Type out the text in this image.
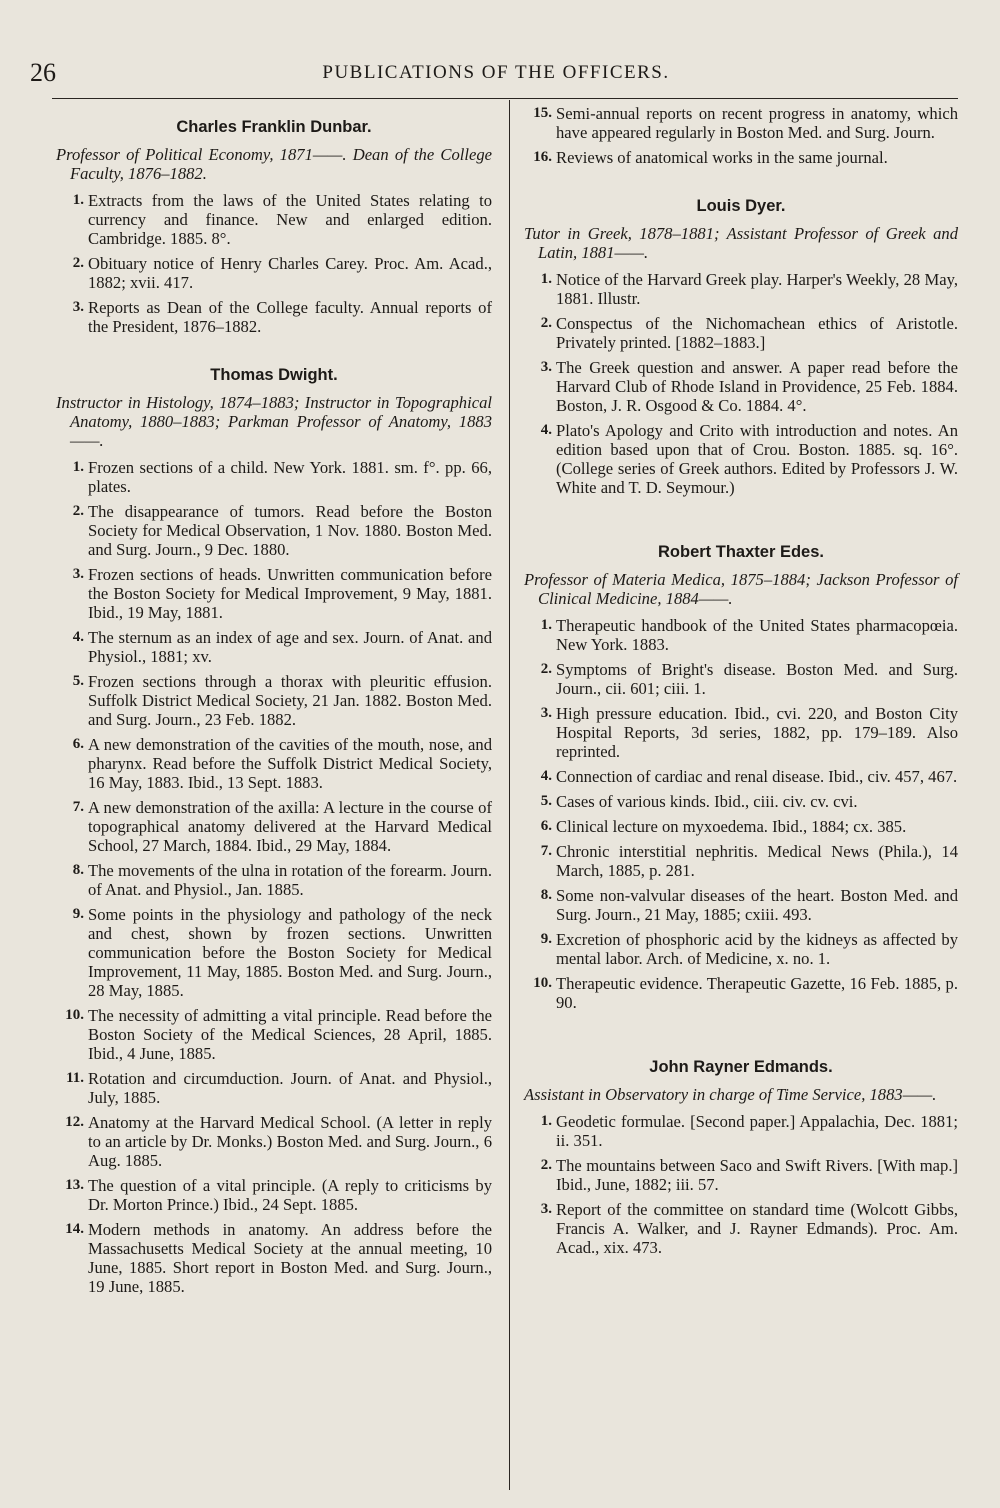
26	PUBLICATIONS OF THE OFFICERS.
Charles Franklin Dunbar.
Professor of Political Economy, 1871——. Dean of the College Faculty, 1876–1882.
1. Extracts from the laws of the United States relating to currency and finance. New and enlarged edition. Cambridge. 1885. 8°.
2. Obituary notice of Henry Charles Carey. Proc. Am. Acad., 1882; xvii. 417.
3. Reports as Dean of the College faculty. Annual reports of the President, 1876–1882.
Thomas Dwight.
Instructor in Histology, 1874–1883; Instructor in Topographical Anatomy, 1880–1883; Parkman Professor of Anatomy, 1883——.
1. Frozen sections of a child. New York. 1881. sm. f°. pp. 66, plates.
2. The disappearance of tumors. Read before the Boston Society for Medical Observation, 1 Nov. 1880. Boston Med. and Surg. Journ., 9 Dec. 1880.
3. Frozen sections of heads. Unwritten communication before the Boston Society for Medical Improvement, 9 May, 1881. Ibid., 19 May, 1881.
4. The sternum as an index of age and sex. Journ. of Anat. and Physiol., 1881; xv.
5. Frozen sections through a thorax with pleuritic effusion. Suffolk District Medical Society, 21 Jan. 1882. Boston Med. and Surg. Journ., 23 Feb. 1882.
6. A new demonstration of the cavities of the mouth, nose, and pharynx. Read before the Suffolk District Medical Society, 16 May, 1883. Ibid., 13 Sept. 1883.
7. A new demonstration of the axilla: A lecture in the course of topographical anatomy delivered at the Harvard Medical School, 27 March, 1884. Ibid., 29 May, 1884.
8. The movements of the ulna in rotation of the forearm. Journ. of Anat. and Physiol., Jan. 1885.
9. Some points in the physiology and pathology of the neck and chest, shown by frozen sections. Unwritten communication before the Boston Society for Medical Improvement, 11 May, 1885. Boston Med. and Surg. Journ., 28 May, 1885.
10. The necessity of admitting a vital principle. Read before the Boston Society of the Medical Sciences, 28 April, 1885. Ibid., 4 June, 1885.
11. Rotation and circumduction. Journ. of Anat. and Physiol., July, 1885.
12. Anatomy at the Harvard Medical School. (A letter in reply to an article by Dr. Monks.) Boston Med. and Surg. Journ., 6 Aug. 1885.
13. The question of a vital principle. (A reply to criticisms by Dr. Morton Prince.) Ibid., 24 Sept. 1885.
14. Modern methods in anatomy. An address before the Massachusetts Medical Society at the annual meeting, 10 June, 1885. Short report in Boston Med. and Surg. Journ., 19 June, 1885.
15. Semi-annual reports on recent progress in anatomy, which have appeared regularly in Boston Med. and Surg. Journ.
16. Reviews of anatomical works in the same journal.
Louis Dyer.
Tutor in Greek, 1878–1881; Assistant Professor of Greek and Latin, 1881——.
1. Notice of the Harvard Greek play. Harper's Weekly, 28 May, 1881. Illustr.
2. Conspectus of the Nichomachean ethics of Aristotle. Privately printed. [1882–1883.]
3. The Greek question and answer. A paper read before the Harvard Club of Rhode Island in Providence, 25 Feb. 1884. Boston, J. R. Osgood & Co. 1884. 4°.
4. Plato's Apology and Crito with introduction and notes. An edition based upon that of Crou. Boston. 1885. sq. 16°. (College series of Greek authors. Edited by Professors J. W. White and T. D. Seymour.)
Robert Thaxter Edes.
Professor of Materia Medica, 1875–1884; Jackson Professor of Clinical Medicine, 1884——.
1. Therapeutic handbook of the United States pharmacopœia. New York. 1883.
2. Symptoms of Bright's disease. Boston Med. and Surg. Journ., cii. 601; ciii. 1.
3. High pressure education. Ibid., cvi. 220, and Boston City Hospital Reports, 3d series, 1882, pp. 179–189. Also reprinted.
4. Connection of cardiac and renal disease. Ibid., civ. 457, 467.
5. Cases of various kinds. Ibid., ciii. civ. cv. cvi.
6. Clinical lecture on myxoedema. Ibid., 1884; cx. 385.
7. Chronic interstitial nephritis. Medical News (Phila.), 14 March, 1885, p. 281.
8. Some non-valvular diseases of the heart. Boston Med. and Surg. Journ., 21 May, 1885; cxiii. 493.
9. Excretion of phosphoric acid by the kidneys as affected by mental labor. Arch. of Medicine, x. no. 1.
10. Therapeutic evidence. Therapeutic Gazette, 16 Feb. 1885, p. 90.
John Rayner Edmands.
Assistant in Observatory in charge of Time Service, 1883——.
1. Geodetic formulae. [Second paper.] Appalachia, Dec. 1881; ii. 351.
2. The mountains between Saco and Swift Rivers. [With map.] Ibid., June, 1882; iii. 57.
3. Report of the committee on standard time (Wolcott Gibbs, Francis A. Walker, and J. Rayner Edmands). Proc. Am. Acad., xix. 473.
